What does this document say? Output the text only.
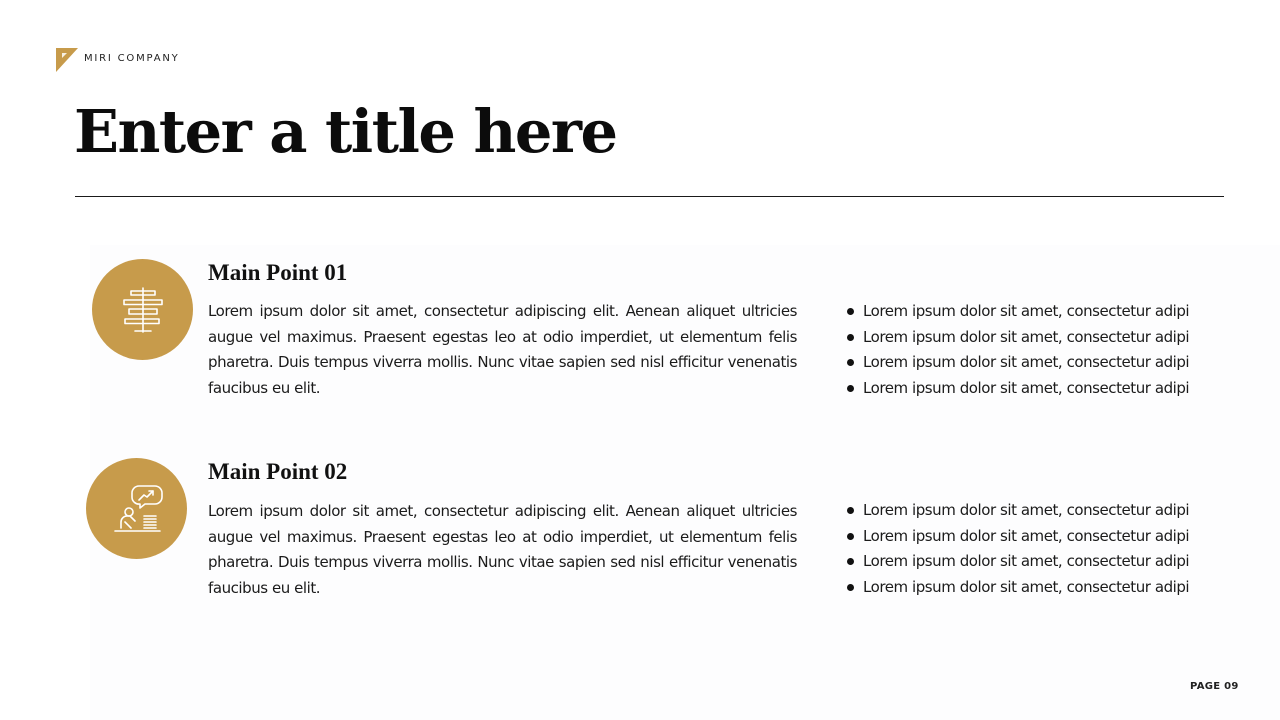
MIRI COMPANY
Enter a title here
Main Point 01

Lorem ipsum dolor sit amet, consectetur adipiscing elit. Aenean aliquet ultricies augue vel maximus. Praesent egestas leo at odio imperdiet, ut elementum felis pharetra. Duis tempus viverra mollis. Nunc vitae sapien sed nisl efficitur venenatis faucibus eu elit.

Lorem ipsum dolor sit amet, consectetur adipi
Lorem ipsum dolor sit amet, consectetur adipi
Lorem ipsum dolor sit amet, consectetur adipi
Lorem ipsum dolor sit amet, consectetur adipi
Main Point 02

Lorem ipsum dolor sit amet, consectetur adipiscing elit. Aenean aliquet ultricies augue vel maximus. Praesent egestas leo at odio imperdiet, ut elementum felis pharetra. Duis tempus viverra mollis. Nunc vitae sapien sed nisl efficitur venenatis faucibus eu elit.

Lorem ipsum dolor sit amet, consectetur adipi
Lorem ipsum dolor sit amet, consectetur adipi
Lorem ipsum dolor sit amet, consectetur adipi
Lorem ipsum dolor sit amet, consectetur adipi
PAGE 09
